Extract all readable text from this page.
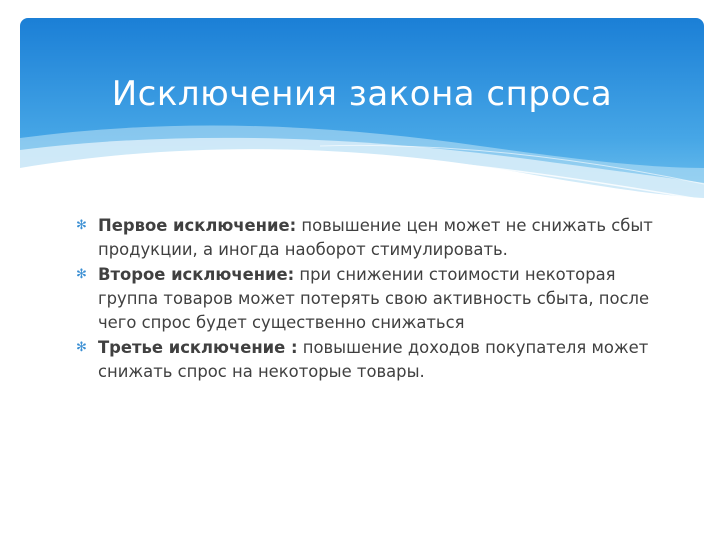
Исключения закона спроса
✻ Первое исключение: повышение цен может не снижать сбыт продукции, а иногда наоборот стимулировать.
✻ Второе исключение: при снижении стоимости некоторая группа товаров может потерять свою активность сбыта, после чего спрос будет существенно снижаться
✻ Третье исключение : повышение доходов покупателя может снижать спрос на некоторые товары.
